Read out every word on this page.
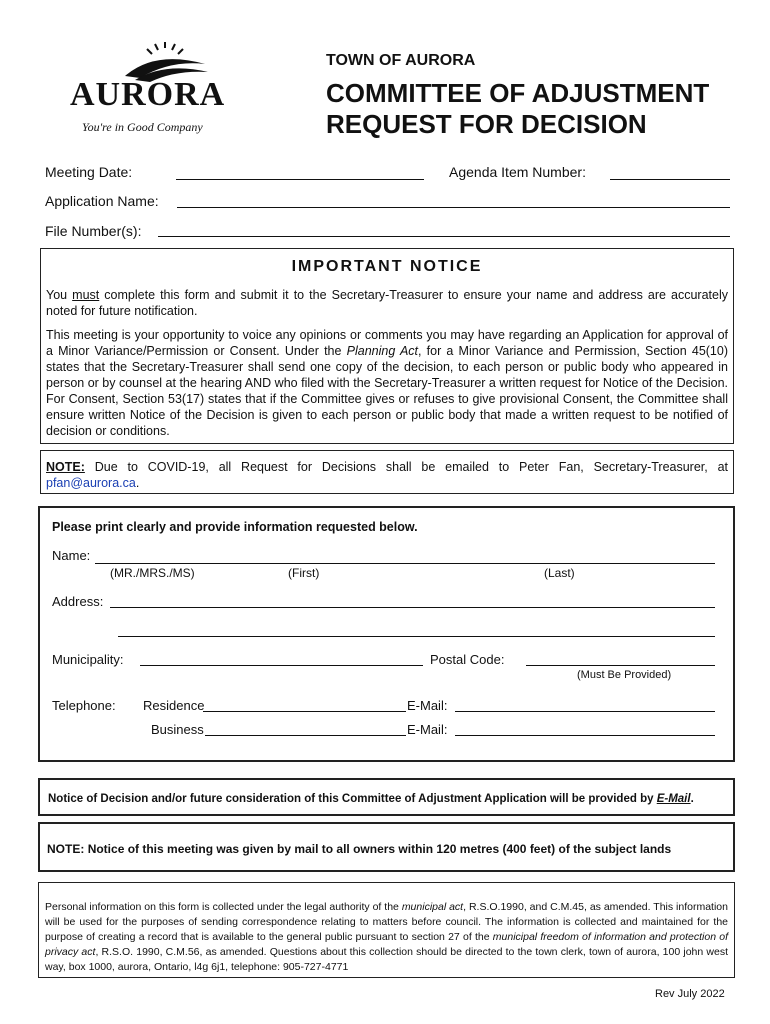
AURORA
You're in Good Company
TOWN OF AURORA
COMMITTEE OF ADJUSTMENT
REQUEST FOR DECISION
Meeting Date:	Agenda Item Number:
Application Name:
File Number(s):
IMPORTANT NOTICE
You must complete this form and submit it to the Secretary-Treasurer to ensure your name and address are accurately noted for future notification.
This meeting is your opportunity to voice any opinions or comments you may have regarding an Application for approval of a Minor Variance/Permission or Consent. Under the Planning Act, for a Minor Variance and Permission, Section 45(10) states that the Secretary-Treasurer shall send one copy of the decision, to each person or public body who appeared in person or by counsel at the hearing AND who filed with the Secretary-Treasurer a written request for Notice of the Decision. For Consent, Section 53(17) states that if the Committee gives or refuses to give provisional Consent, the Committee shall ensure written Notice of the Decision is given to each person or public body that made a written request to be notified of decision or conditions.
NOTE: Due to COVID-19, all Request for Decisions shall be emailed to Peter Fan, Secretary-Treasurer, at pfan@aurora.ca.
Please print clearly and provide information requested below.
Name:
(MR./MRS./MS)	(First)	(Last)
Address:
Municipality:	Postal Code:
(Must Be Provided)
Telephone: Residence	E-Mail:
Business	E-Mail:
Notice of Decision and/or future consideration of this Committee of Adjustment Application will be provided by E-Mail.
NOTE: Notice of this meeting was given by mail to all owners within 120 metres (400 feet) of the subject lands
Personal information on this form is collected under the legal authority of the municipal act, R.S.O.1990, and C.M.45, as amended. This information will be used for the purposes of sending correspondence relating to matters before council. The information is collected and maintained for the purpose of creating a record that is available to the general public pursuant to section 27 of the municipal freedom of information and protection of privacy act, R.S.O. 1990, C.M.56, as amended. Questions about this collection should be directed to the town clerk, town of aurora, 100 john west way, box 1000, aurora, Ontario, l4g 6j1, telephone: 905-727-4771
Rev July 2022
